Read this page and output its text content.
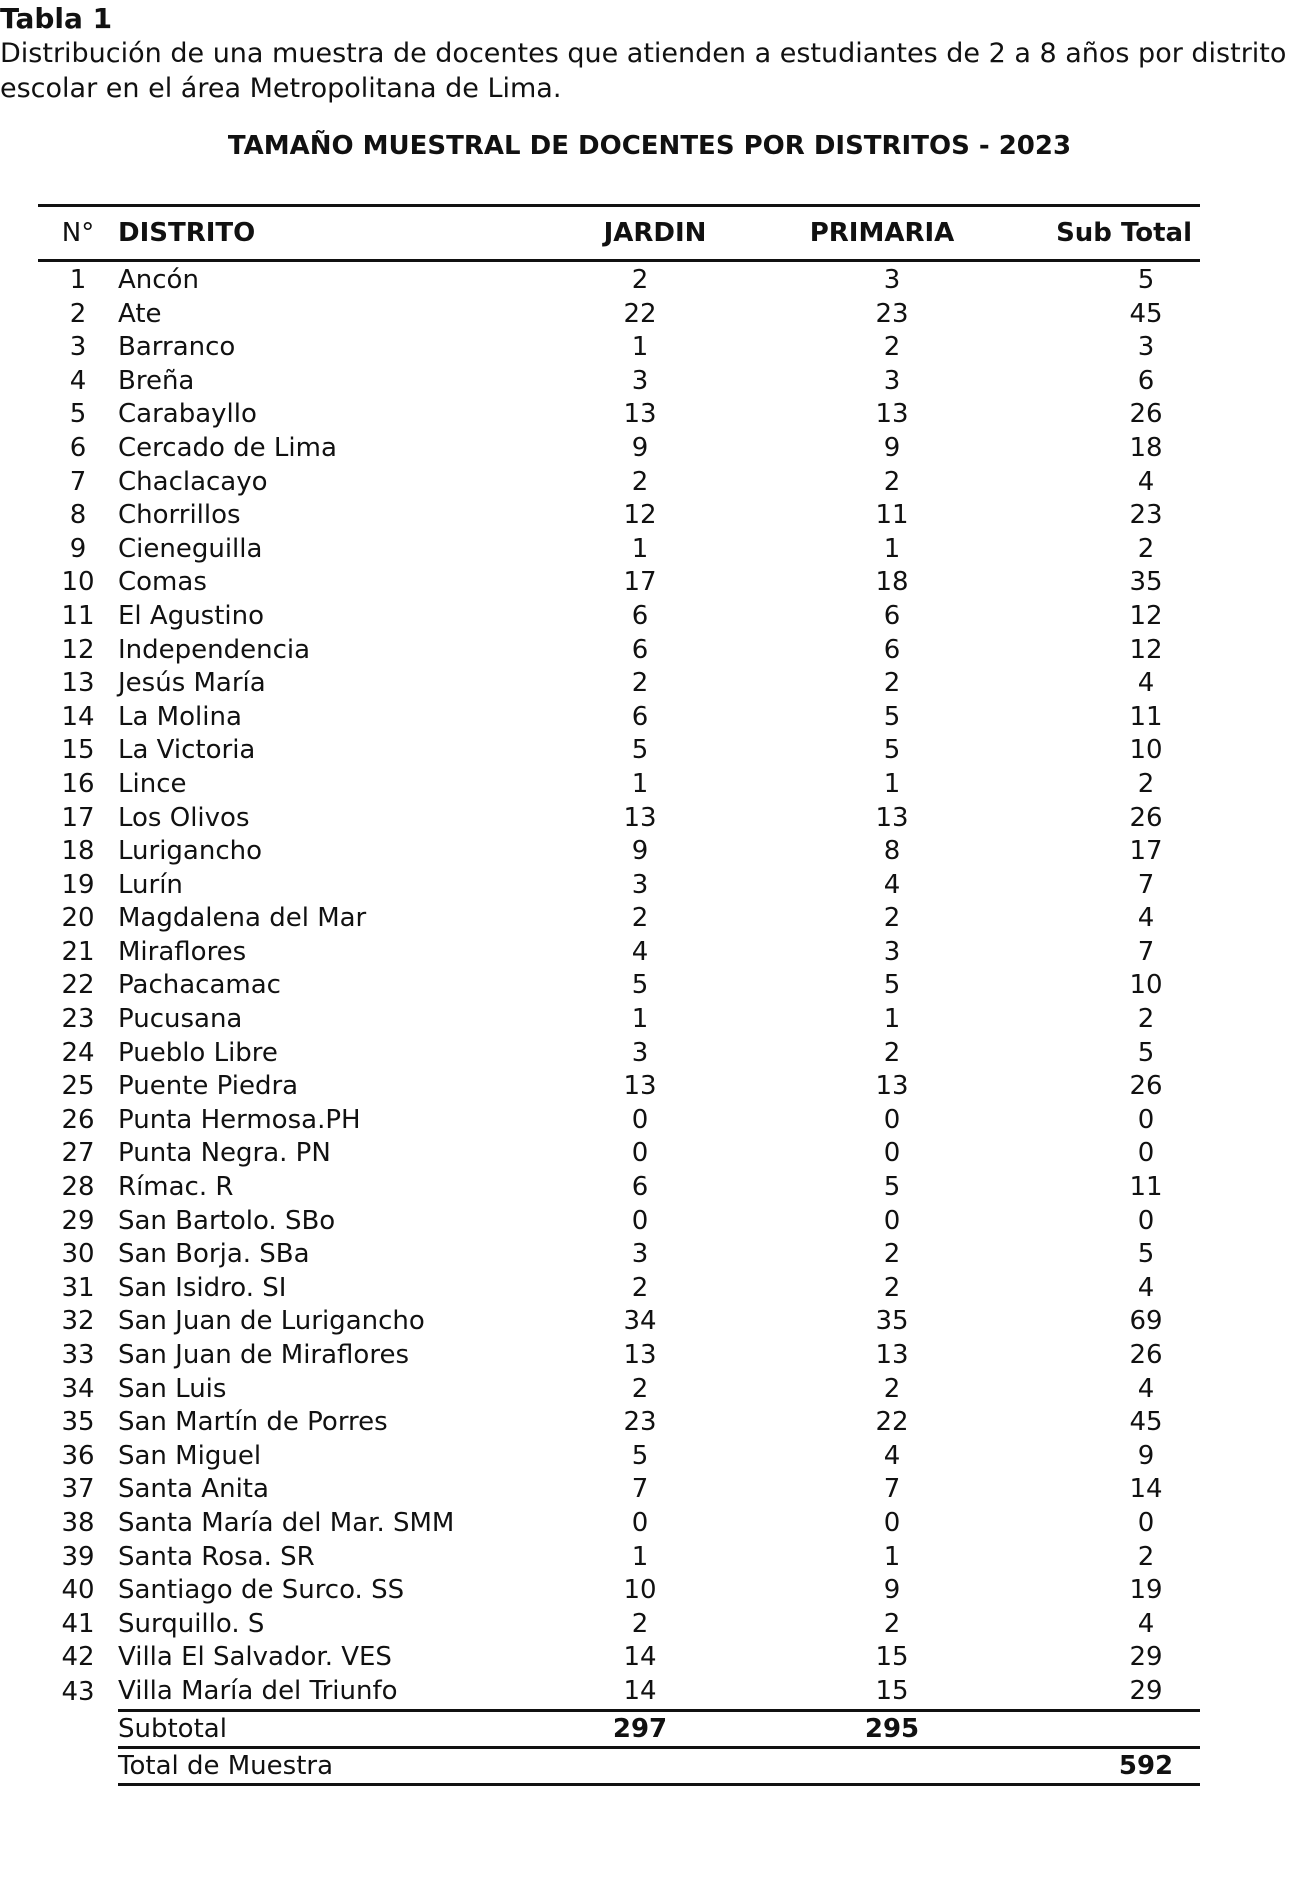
Tabla 1

Distribución de una muestra de docentes que atienden a estudiantes de 2 a 8 años por distrito escolar en el área Metropolitana de Lima.

TAMAÑO MUESTRAL DE DOCENTES POR DISTRITOS - 2023
N°	DISTRITO	JARDIN	PRIMARIA	Sub Total
1	Ancón	2	3	5
2	Ate	22	23	45
3	Barranco	1	2	3
4	Breña	3	3	6
5	Carabayllo	13	13	26
6	Cercado de Lima	9	9	18
7	Chaclacayo	2	2	4
8	Chorrillos	12	11	23
9	Cieneguilla	1	1	2
10	Comas	17	18	35
11	El Agustino	6	6	12
12	Independencia	6	6	12
13	Jesús María	2	2	4
14	La Molina	6	5	11
15	La Victoria	5	5	10
16	Lince	1	1	2
17	Los Olivos	13	13	26
18	Lurigancho	9	8	17
19	Lurín	3	4	7
20	Magdalena del Mar	2	2	4
21	Miraflores	4	3	7
22	Pachacamac	5	5	10
23	Pucusana	1	1	2
24	Pueblo Libre	3	2	5
25	Puente Piedra	13	13	26
26	Punta Hermosa.PH	0	0	0
27	Punta Negra. PN	0	0	0
28	Rímac. R	6	5	11
29	San Bartolo. SBo	0	0	0
30	San Borja. SBa	3	2	5
31	San Isidro. SI	2	2	4
32	San Juan de Lurigancho	34	35	69
33	San Juan de Miraflores	13	13	26
34	San Luis	2	2	4
35	San Martín de Porres	23	22	45
36	San Miguel	5	4	9
37	Santa Anita	7	7	14
38	Santa María del Mar. SMM	0	0	0
39	Santa Rosa. SR	1	1	2
40	Santiago de Surco. SS	10	9	19
41	Surquillo. S	2	2	4
42	Villa El Salvador. VES	14	15	29
43	Villa María del Triunfo	14	15	29
	Subtotal	297	295	
	Total de Muestra			592
